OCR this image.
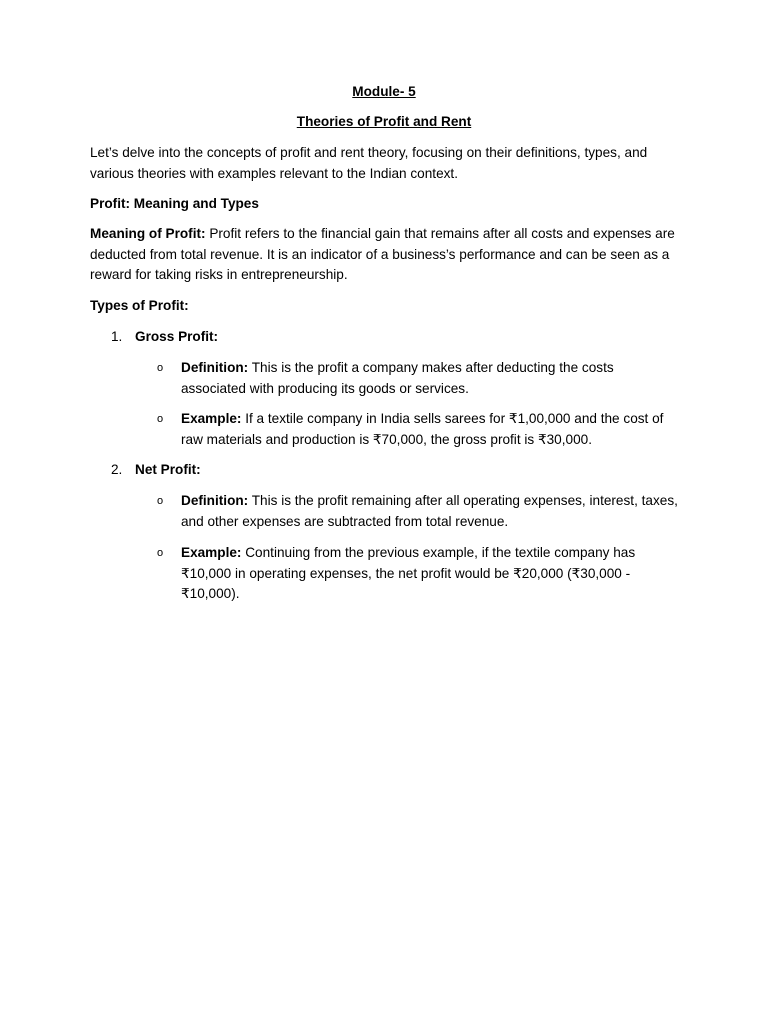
Module- 5
Theories of Profit and Rent

Let’s delve into the concepts of profit and rent theory, focusing on their definitions, types, and various theories with examples relevant to the Indian context.

Profit: Meaning and Types

Meaning of Profit: Profit refers to the financial gain that remains after all costs and expenses are deducted from total revenue. It is an indicator of a business’s performance and can be seen as a reward for taking risks in entrepreneurship.

Types of Profit:
1. Gross Profit:
o Definition: This is the profit a company makes after deducting the costs associated with producing its goods or services.

o Example: If a textile company in India sells sarees for ₹1,00,000 and the cost of raw materials and production is ₹70,000, the gross profit is ₹30,000.

2. Net Profit:
o Definition: This is the profit remaining after all operating expenses, interest, taxes, and other expenses are subtracted from total revenue.

o Example: Continuing from the previous example, if the textile company has ₹10,000 in operating expenses, the net profit would be ₹20,000 (₹30,000 - ₹10,000).
